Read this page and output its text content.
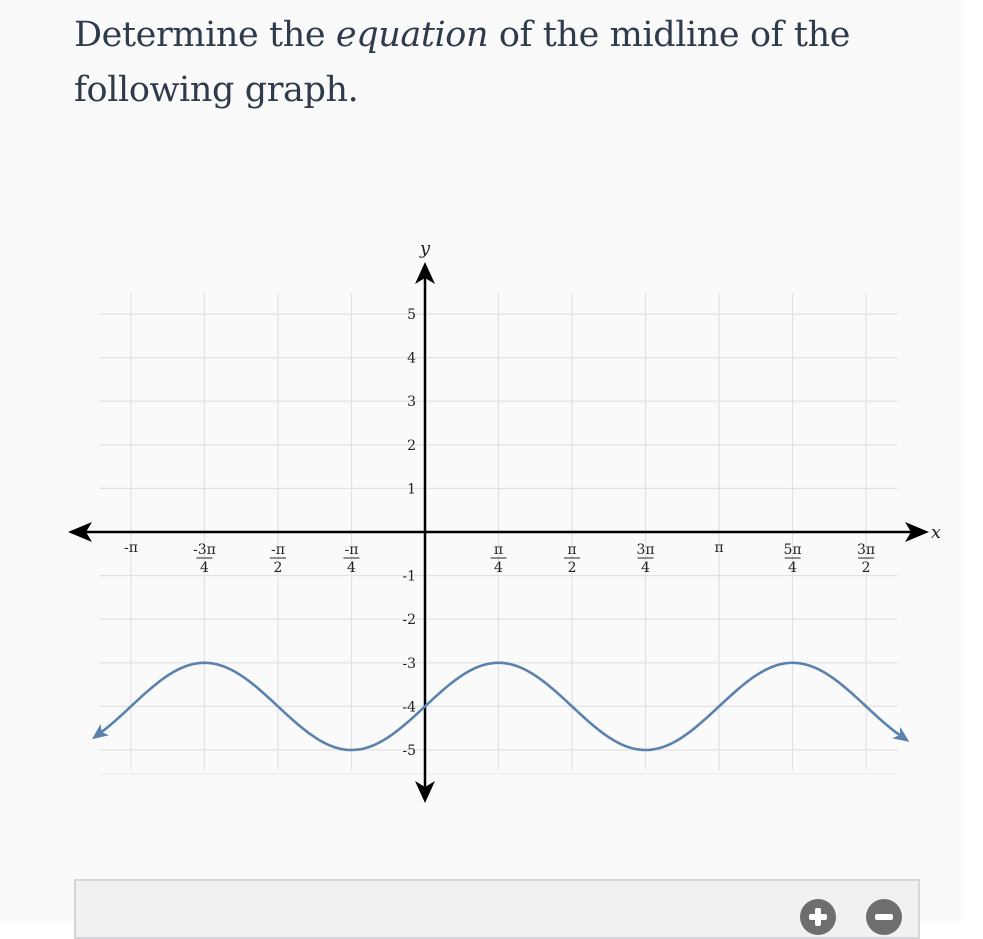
Determine the equation of the midline of the following graph.
x
y
-π	-3π
4
-π
2
-π
4
π
4
π
2
3π
4
π	5π
4
3π
2
1
2
3
4
5
-1
-2
-3
-4
-5
